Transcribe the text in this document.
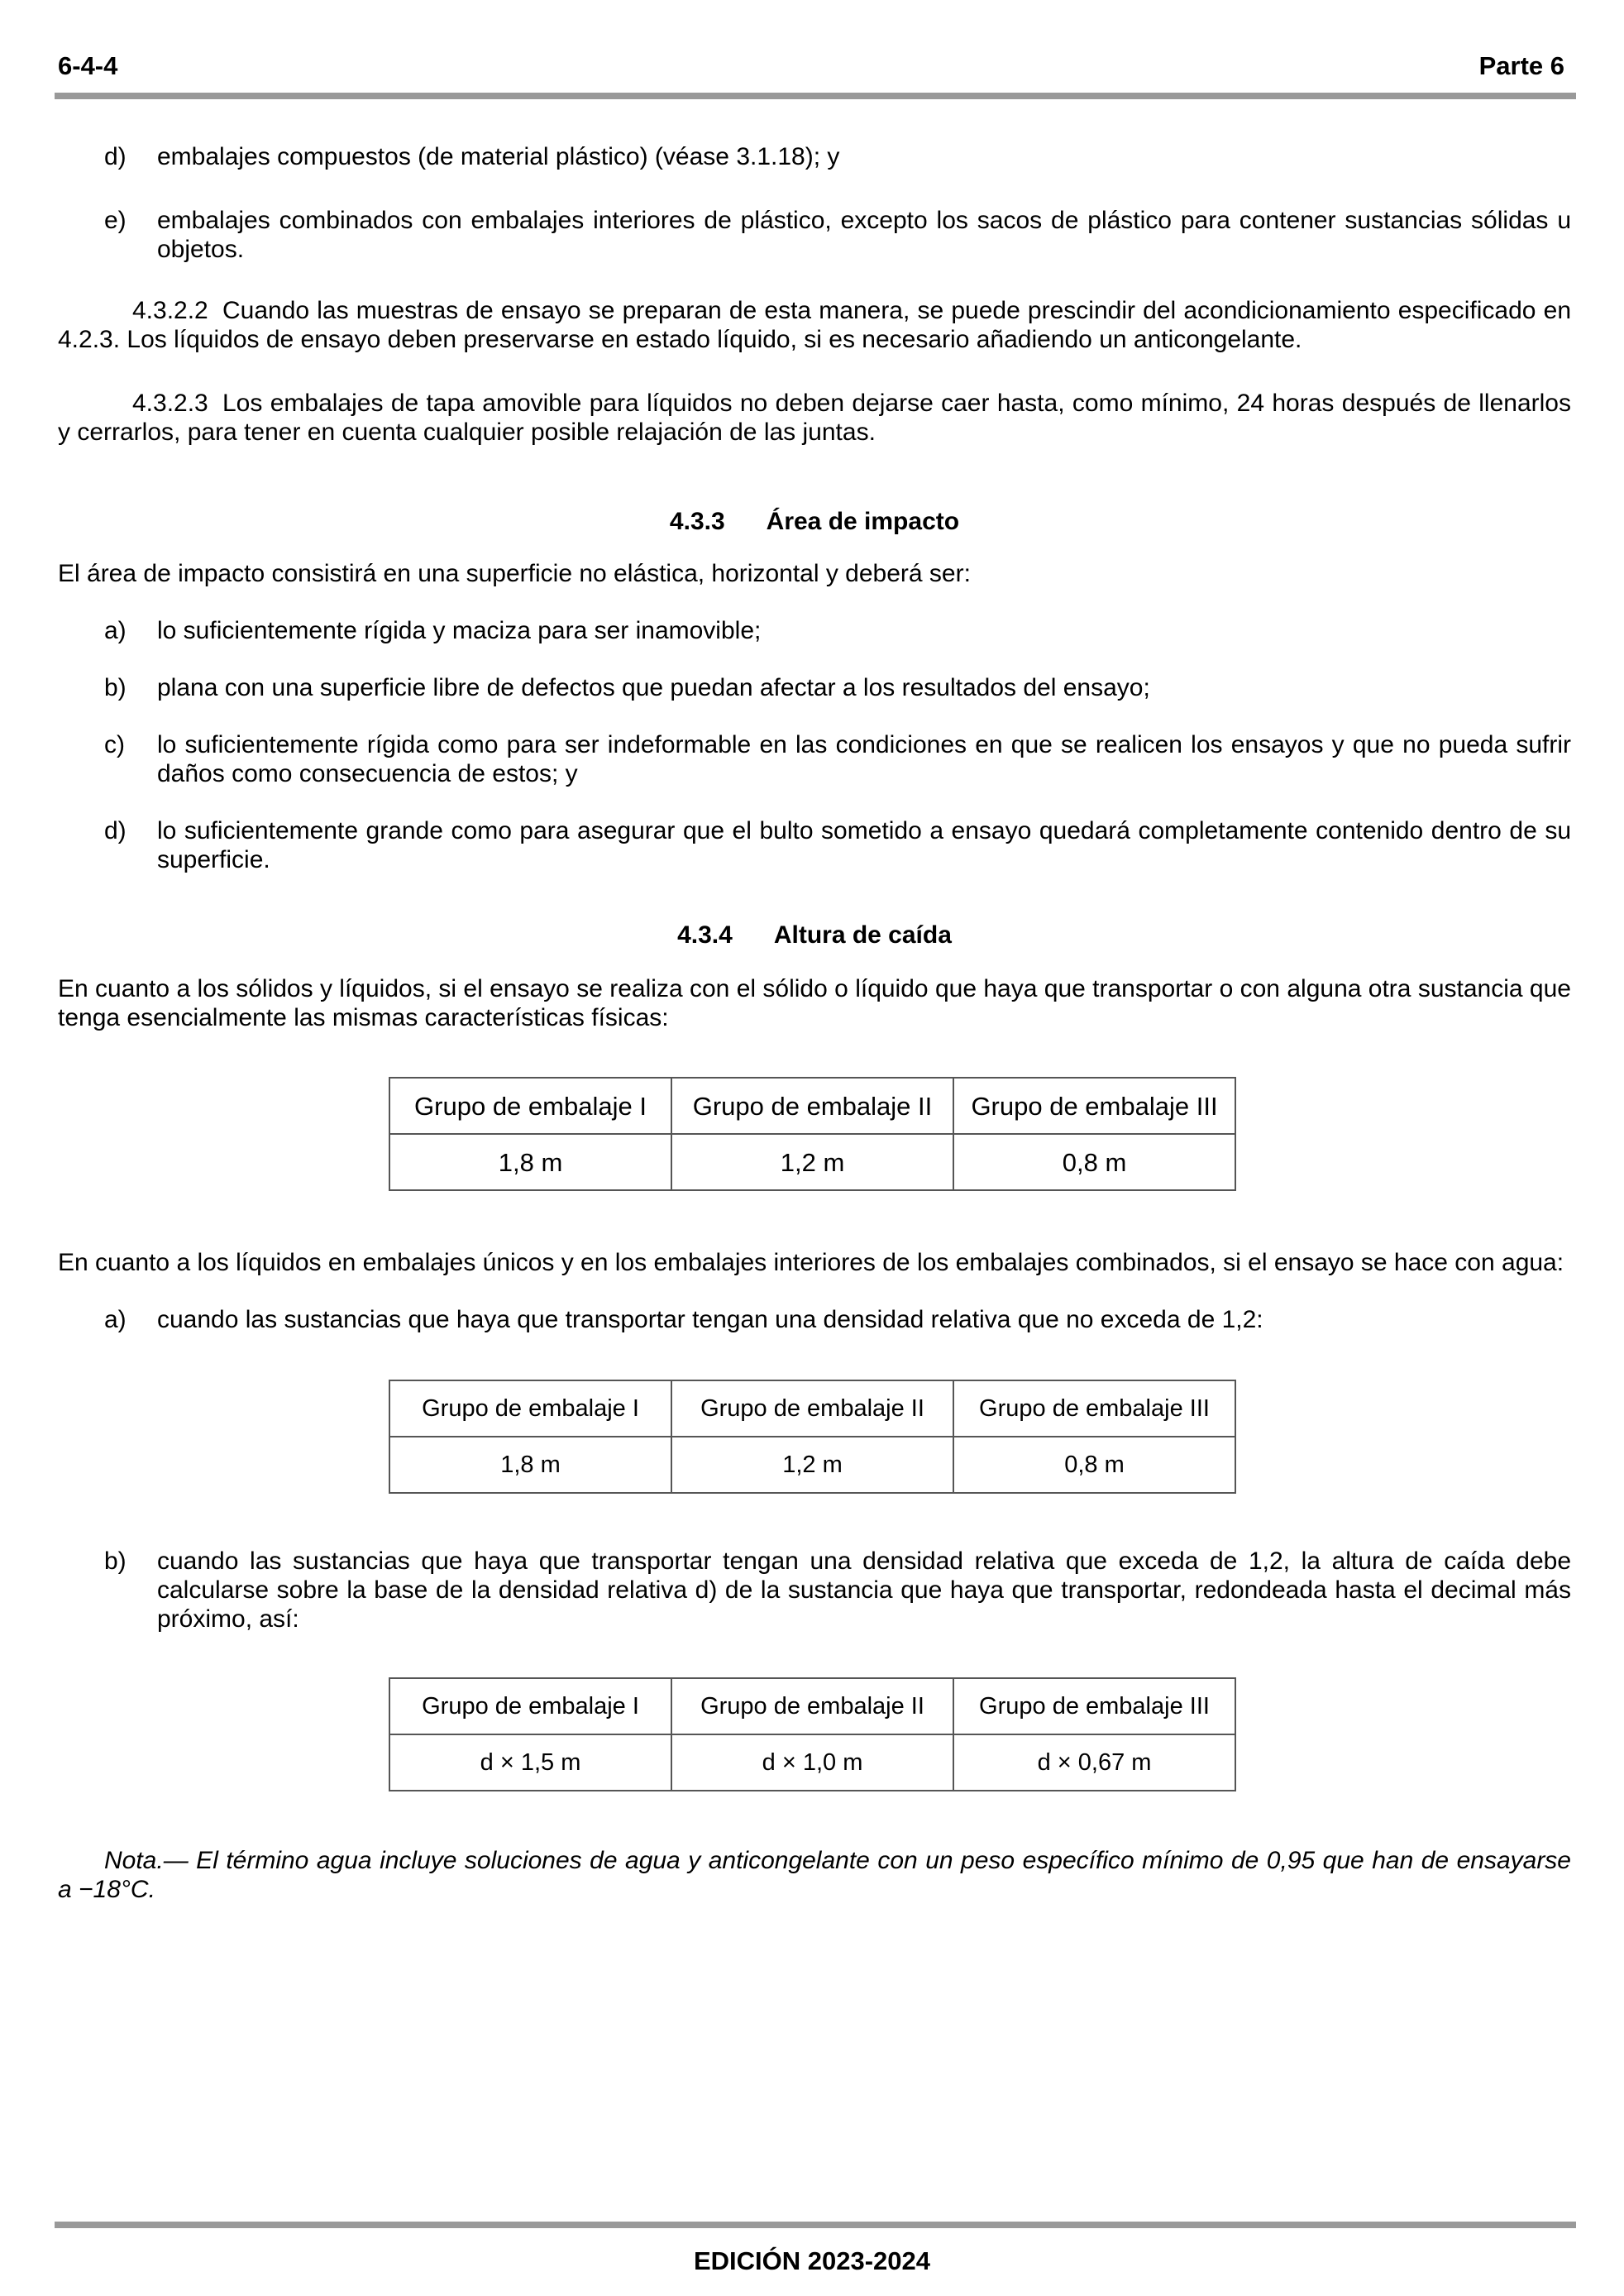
6-4-4	Parte 6
d)	embalajes compuestos (de material plástico) (véase 3.1.18); y
e)	embalajes combinados con embalajes interiores de plástico, excepto los sacos de plástico para contener sustancias sólidas u objetos.

4.3.2.2 Cuando las muestras de ensayo se preparan de esta manera, se puede prescindir del acondicionamiento especificado en 4.2.3. Los líquidos de ensayo deben preservarse en estado líquido, si es necesario añadiendo un anticongelante.

4.3.2.3 Los embalajes de tapa amovible para líquidos no deben dejarse caer hasta, como mínimo, 24 horas después de llenarlos y cerrarlos, para tener en cuenta cualquier posible relajación de las juntas.

4.3.3 Área de impacto

El área de impacto consistirá en una superficie no elástica, horizontal y deberá ser:

a)	lo suficientemente rígida y maciza para ser inamovible;
b)	plana con una superficie libre de defectos que puedan afectar a los resultados del ensayo;
c)	lo suficientemente rígida como para ser indeformable en las condiciones en que se realicen los ensayos y que no pueda sufrir daños como consecuencia de estos; y
d)	lo suficientemente grande como para asegurar que el bulto sometido a ensayo quedará completamente contenido dentro de su superficie.

4.3.4 Altura de caída

En cuanto a los sólidos y líquidos, si el ensayo se realiza con el sólido o líquido que haya que transportar o con alguna otra sustancia que tenga esencialmente las mismas características físicas:

Grupo de embalaje I	Grupo de embalaje II	Grupo de embalaje III
1,8 m	1,2 m	0,8 m

En cuanto a los líquidos en embalajes únicos y en los embalajes interiores de los embalajes combinados, si el ensayo se hace con agua:

a)	cuando las sustancias que haya que transportar tengan una densidad relativa que no exceda de 1,2:
Grupo de embalaje I	Grupo de embalaje II	Grupo de embalaje III
1,8 m	1,2 m	0,8 m
b)	cuando las sustancias que haya que transportar tengan una densidad relativa que exceda de 1,2, la altura de caída debe calcularse sobre la base de la densidad relativa d) de la sustancia que haya que transportar, redondeada hasta el decimal más próximo, así:
Grupo de embalaje I	Grupo de embalaje II	Grupo de embalaje III
d × 1,5 m	d × 1,0 m	d × 0,67 m

Nota.— El término agua incluye soluciones de agua y anticongelante con un peso específico mínimo de 0,95 que han de ensayarse a −18°C.

EDICIÓN 2023-2024
